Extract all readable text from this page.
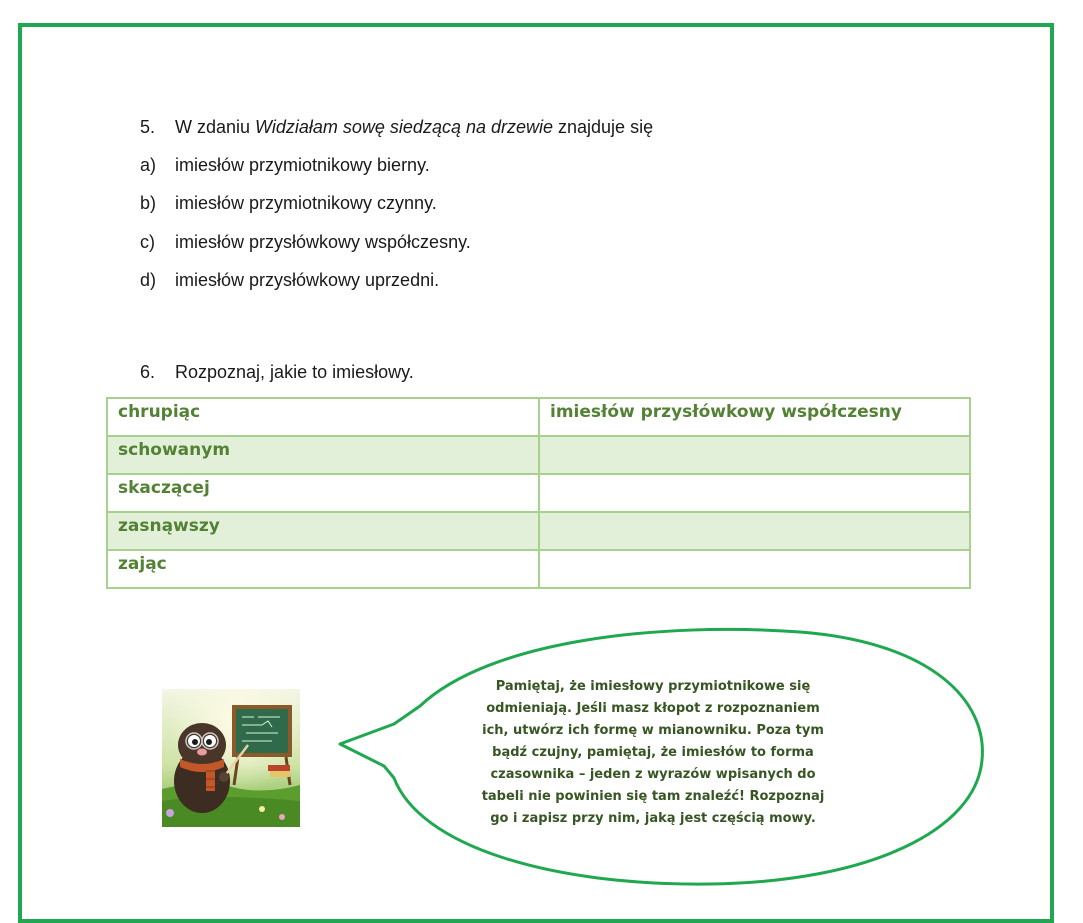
5. W zdaniu Widziałam sowę siedzącą na drzewie znajduje się
a) imiesłów przymiotnikowy bierny.
b) imiesłów przymiotnikowy czynny.
c) imiesłów przysłówkowy współczesny.
d) imiesłów przysłówkowy uprzedni.
6. Rozpoznaj, jakie to imiesłowy.
chrupiąc	imiesłów przysłówkowy współczesny
schowanym	
skaczącej	
zasnąwszy	
zając	
Pamiętaj, że imiesłowy przymiotnikowe się odmieniają. Jeśli masz kłopot z rozpoznaniem ich, utwórz ich formę w mianowniku. Poza tym bądź czujny, pamiętaj, że imiesłów to forma czasownika – jeden z wyrazów wpisanych do tabeli nie powinien się tam znaleźć! Rozpoznaj go i zapisz przy nim, jaką jest częścią mowy.
